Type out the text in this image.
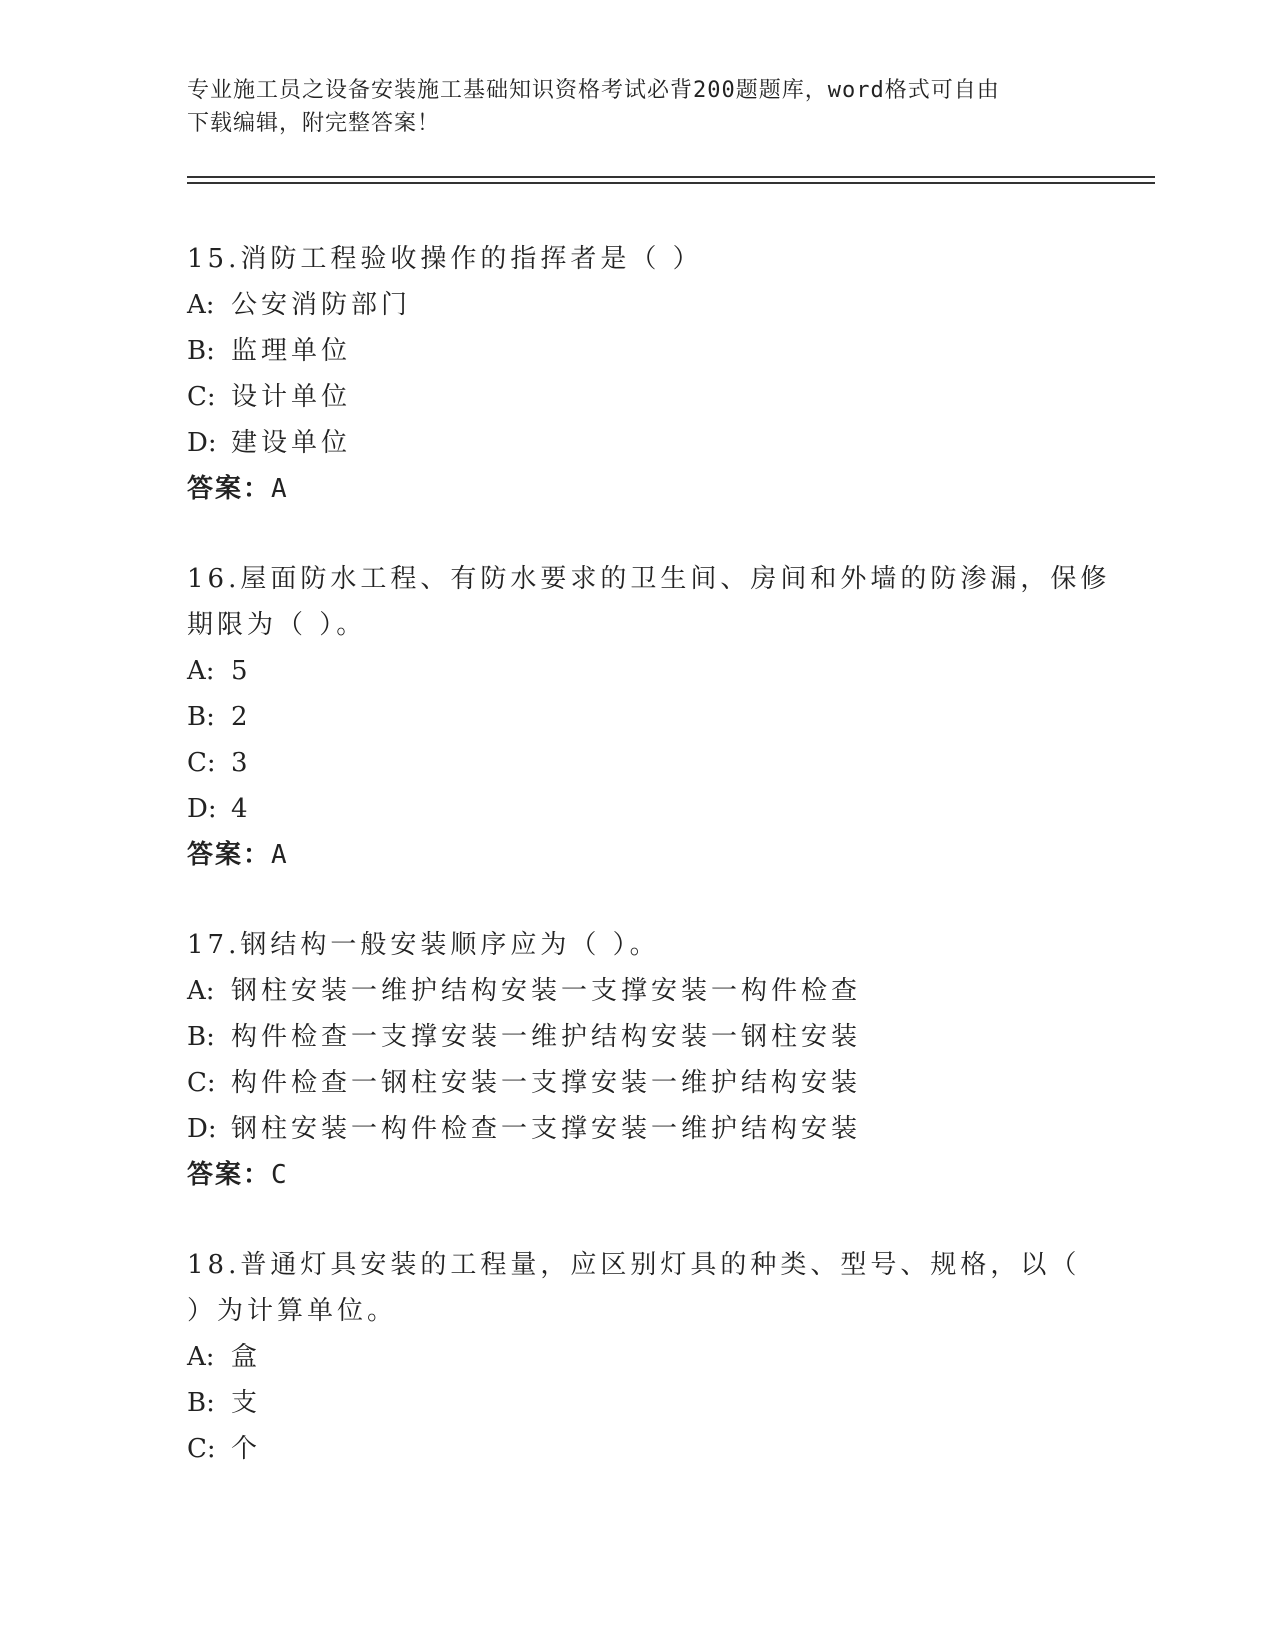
专业施工员之设备安装施工基础知识资格考试必背200题题库，word格式可自由
下载编辑，附完整答案！
15.消防工程验收操作的指挥者是（ ）
A: 公安消防部门
B: 监理单位
C: 设计单位
D: 建设单位
答案：A
16.屋面防水工程、有防水要求的卫生间、房间和外墙的防渗漏，保修
期限为（ ）。
A: 5
B: 2
C: 3
D: 4
答案：A
17.钢结构一般安装顺序应为（ ）。
A: 钢柱安装一维护结构安装一支撑安装一构件检查
B: 构件检查一支撑安装一维护结构安装一钢柱安装
C: 构件检查一钢柱安装一支撑安装一维护结构安装
D: 钢柱安装一构件检查一支撑安装一维护结构安装
答案：C
18.普通灯具安装的工程量，应区别灯具的种类、型号、规格，以（
）为计算单位。
A: 盒
B: 支
C: 个
